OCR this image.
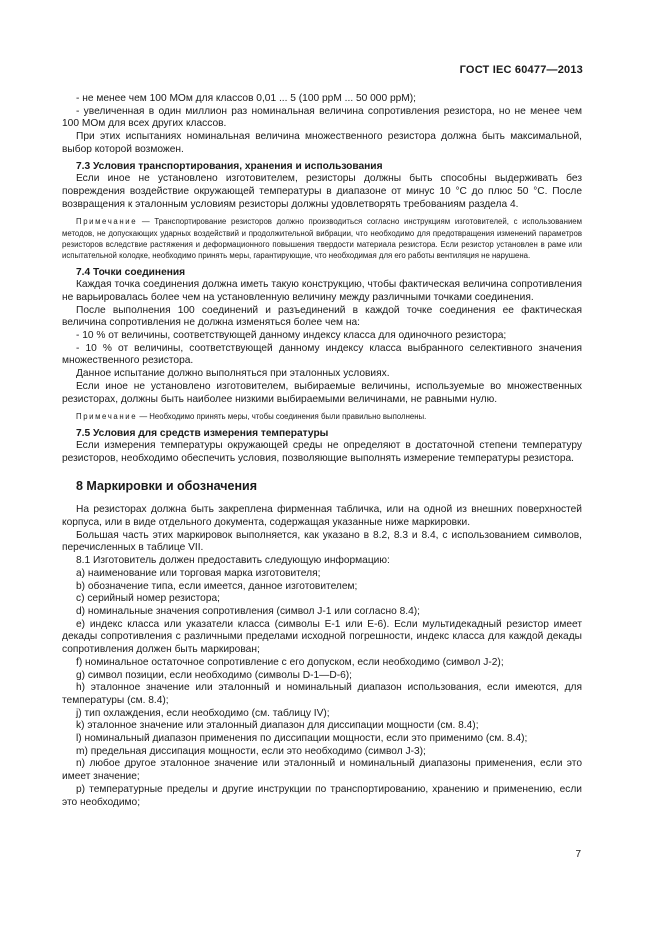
ГОСТ IEC 60477—2013

- не менее чем 100 МОм для классов 0,01 ... 5 (100 ppM ... 50 000 ppM);

- увеличенная в один миллион раз номинальная величина сопротивления резистора, но не менее чем 100 МОм для всех других классов.

При этих испытаниях номинальная величина множественного резистора должна быть максимальной, выбор которой возможен.

7.3 Условия транспортирования, хранения и использования

Если иное не установлено изготовителем, резисторы должны быть способны выдерживать без повреждения воздействие окружающей температуры в диапазоне от минус 10 °С до плюс 50 °С. После возвращения к эталонным условиям резисторы должны удовлетворять требованиям раздела 4.

Примечание — Транспортирование резисторов должно производиться согласно инструкциям изготовителей, с использованием методов, не допускающих ударных воздействий и продолжительной вибрации, что необходимо для предотвращения изменений параметров резисторов вследствие растяжения и деформационного повышения твердости материала резистора. Если резистор установлен в раме или испытательной колодке, необходимо принять меры, гарантирующие, что необходимая для его работы вентиляция не нарушена.

7.4 Точки соединения

Каждая точка соединения должна иметь такую конструкцию, чтобы фактическая величина сопротивления не варьировалась более чем на установленную величину между различными точками соединения.

После выполнения 100 соединений и разъединений в каждой точке соединения ее фактическая величина сопротивления не должна изменяться более чем на:

- 10 % от величины, соответствующей данному индексу класса для одиночного резистора;

- 10 % от величины, соответствующей данному индексу класса выбранного селективного значения множественного резистора.

Данное испытание должно выполняться при эталонных условиях.

Если иное не установлено изготовителем, выбираемые величины, используемые во множественных резисторах, должны быть наиболее низкими выбираемыми величинами, не равными нулю.

Примечание — Необходимо принять меры, чтобы соединения были правильно выполнены.

7.5 Условия для средств измерения температуры

Если измерения температуры окружающей среды не определяют в достаточной степени температуру резисторов, необходимо обеспечить условия, позволяющие выполнять измерение температуры резистора.

8 Маркировки и обозначения

На резисторах должна быть закреплена фирменная табличка, или на одной из внешних поверхностей корпуса, или в виде отдельного документа, содержащая указанные ниже маркировки.

Большая часть этих маркировок выполняется, как указано в 8.2, 8.3 и 8.4, с использованием символов, перечисленных в таблице VII.

8.1 Изготовитель должен предоставить следующую информацию:

a) наименование или торговая марка изготовителя;

b) обозначение типа, если имеется, данное изготовителем;

c) серийный номер резистора;

d) номинальные значения сопротивления (символ J-1 или согласно 8.4);

e) индекс класса или указатели класса (символы Е-1 или Е-6). Если мультидекадный резистор имеет декады сопротивления с различными пределами исходной погрешности, индекс класса для каждой декады сопротивления должен быть маркирован;

f) номинальное остаточное сопротивление с его допуском, если необходимо (символ J-2);

g) символ позиции, если необходимо (символы D-1—D-6);

h) эталонное значение или эталонный и номинальный диапазон использования, если имеются, для температуры (см. 8.4);

j) тип охлаждения, если необходимо (см. таблицу IV);

k) эталонное значение или эталонный диапазон для диссипации мощности (см. 8.4);

l) номинальный диапазон применения по диссипации мощности, если это применимо (см. 8.4);

m) предельная диссипация мощности, если это необходимо (символ J-3);

n) любое другое эталонное значение или эталонный и номинальный диапазоны применения, если это имеет значение;

p) температурные пределы и другие инструкции по транспортированию, хранению и применению, если это необходимо;

7
